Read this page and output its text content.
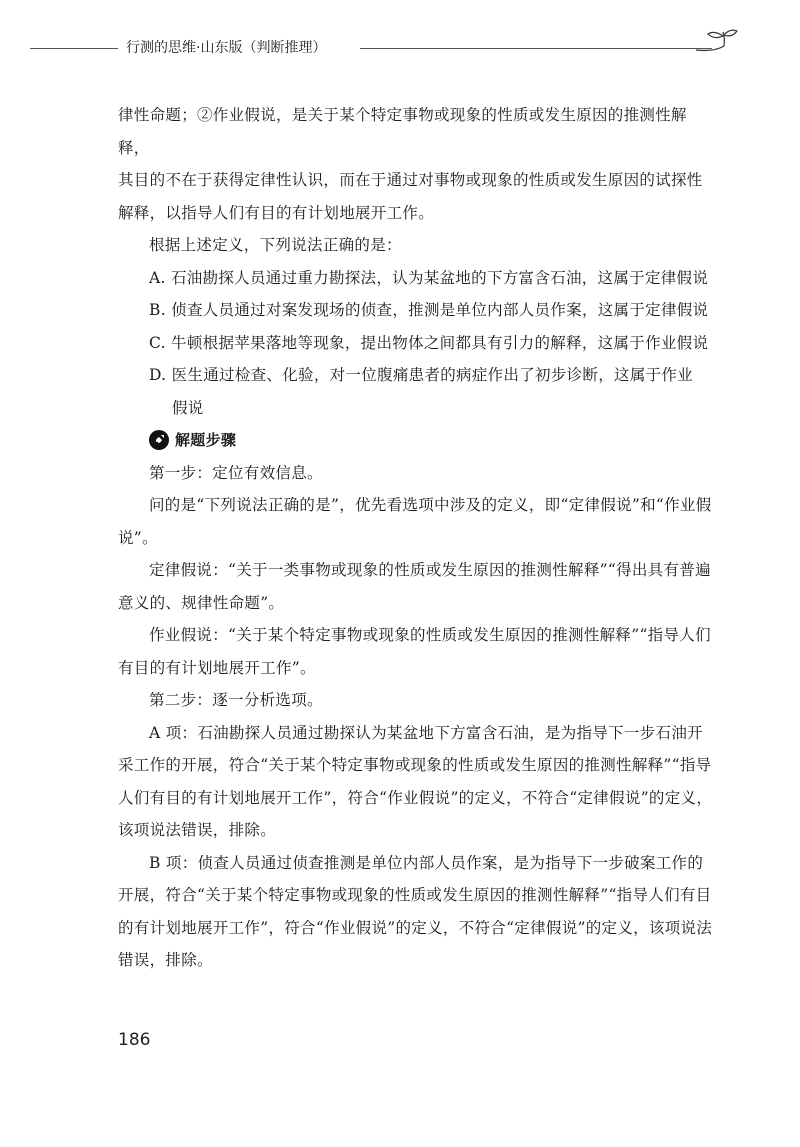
行测的思维·山东版（判断推理）

律性命题；②作业假说，是关于某个特定事物或现象的性质或发生原因的推测性解释，

其目的不在于获得定律性认识，而在于通过对事物或现象的性质或发生原因的试探性

解释，以指导人们有目的有计划地展开工作。

根据上述定义，下列说法正确的是：

A. 石油勘探人员通过重力勘探法，认为某盆地的下方富含石油，这属于定律假说

B. 侦查人员通过对案发现场的侦查，推测是单位内部人员作案，这属于定律假说

C. 牛顿根据苹果落地等现象，提出物体之间都具有引力的解释，这属于作业假说

D. 医生通过检查、化验，对一位腹痛患者的病症作出了初步诊断，这属于作业

假说

解题步骤

第一步：定位有效信息。

问的是“下列说法正确的是”，优先看选项中涉及的定义，即“定律假说”和“作业假说”。

定律假说：“关于一类事物或现象的性质或发生原因的推测性解释”“得出具有普遍意义的、规律性命题”。

作业假说：“关于某个特定事物或现象的性质或发生原因的推测性解释”“指导人们有目的有计划地展开工作”。

第二步：逐一分析选项。

A 项：石油勘探人员通过勘探认为某盆地下方富含石油，是为指导下一步石油开采工作的开展，符合“关于某个特定事物或现象的性质或发生原因的推测性解释”“指导人们有目的有计划地展开工作”，符合“作业假说”的定义，不符合“定律假说”的定义，该项说法错误，排除。

B 项：侦查人员通过侦查推测是单位内部人员作案，是为指导下一步破案工作的开展，符合“关于某个特定事物或现象的性质或发生原因的推测性解释”“指导人们有目的有计划地展开工作”，符合“作业假说”的定义，不符合“定律假说”的定义，该项说法错误，排除。

186
